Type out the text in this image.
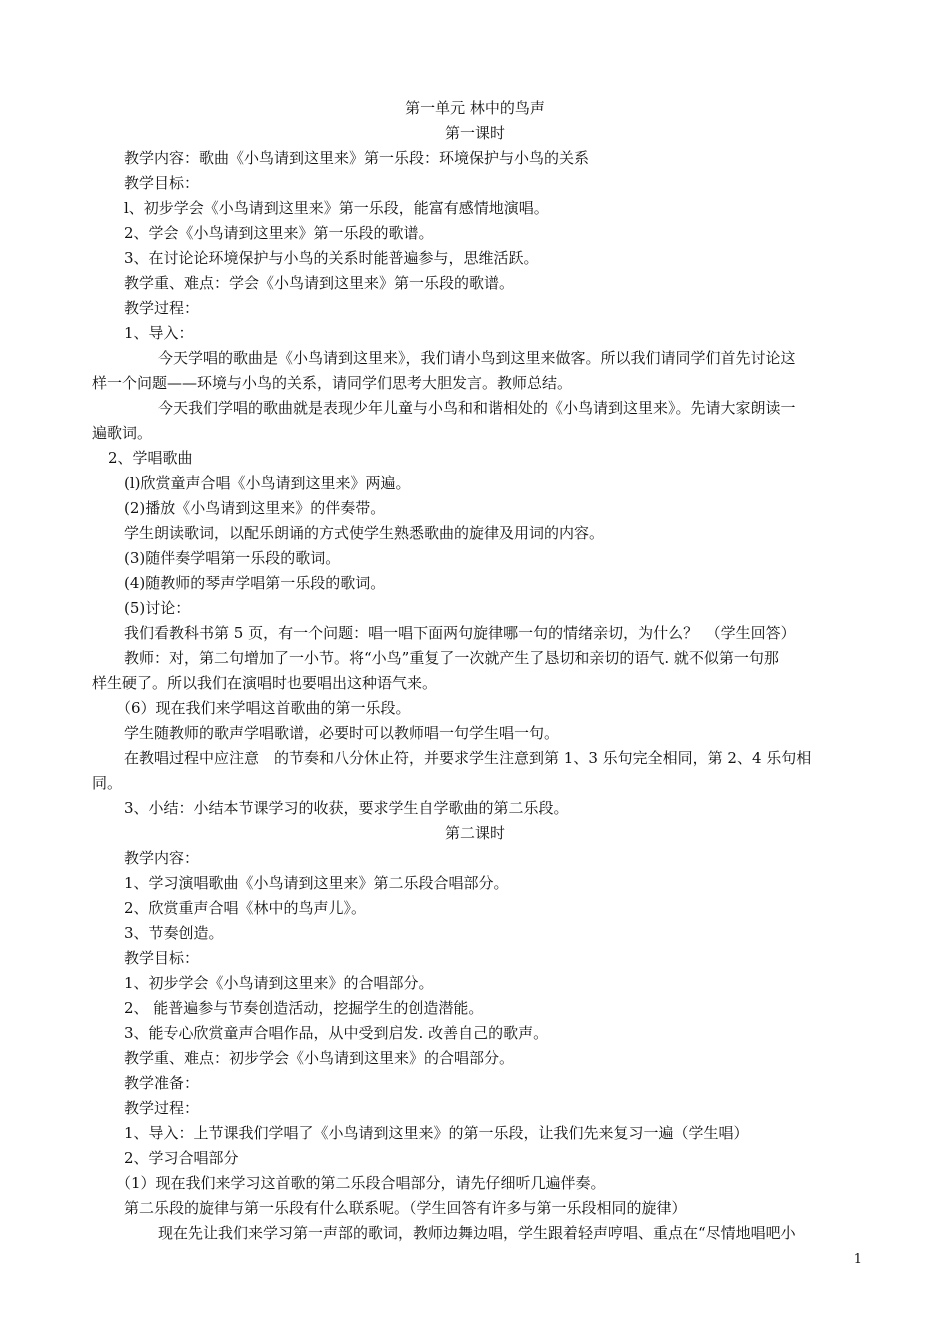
第一单元 林中的鸟声

第一课时

教学内容：歌曲《小鸟请到这里来》第一乐段：环境保护与小鸟的关系

教学目标：

l、初步学会《小鸟请到这里来》第一乐段，能富有感情地演唱。

2、学会《小鸟请到这里来》第一乐段的歌谱。

3、在讨论论环境保护与小鸟的关系时能普遍参与，思维活跃。

教学重、难点：学会《小鸟请到这里来》第一乐段的歌谱。

教学过程：

1、导入：

今天学唱的歌曲是《小鸟请到这里来》，我们请小鸟到这里来做客。所以我们请同学们首先讨论这

样一个问题——环境与小鸟的关系，请同学们思考大胆发言。教师总结。

今天我们学唱的歌曲就是表现少年儿童与小鸟和和谐相处的《小鸟请到这里来》。先请大家朗读一

遍歌词。

2、学唱歌曲

(l)欣赏童声合唱《小鸟请到这里来》两遍。

(2)播放《小鸟请到这里来》的伴奏带。

学生朗读歌词，以配乐朗诵的方式使学生熟悉歌曲的旋律及用词的内容。

(3)随伴奏学唱第一乐段的歌词。

(4)随教师的琴声学唱第一乐段的歌词。

(5)讨论：

我们看教科书第 5 页，有一个问题：唱一唱下面两句旋律哪一句的情绪亲切，为什么？　（学生回答）

教师：对，第二句增加了一小节。将“小鸟”重复了一次就产生了恳切和亲切的语气. 就不似第一句那

样生硬了。所以我们在演唱时也要唱出这种语气来。

（6）现在我们来学唱这首歌曲的第一乐段。

学生随教师的歌声学唱歌谱，必要时可以教师唱一句学生唱一句。

在教唱过程中应注意　的节奏和八分休止符，并要求学生注意到第 1、3 乐句完全相同，第 2、4 乐句相

同。

3、小结：小结本节课学习的收获，要求学生自学歌曲的第二乐段。

第二课时

教学内容：

1、学习演唱歌曲《小鸟请到这里来》第二乐段合唱部分。

2、欣赏重声合唱《林中的鸟声儿》。

3、节奏创造。

教学目标：

1、初步学会《小鸟请到这里来》的合唱部分。

2、 能普遍参与节奏创造活动，挖掘学生的创造潜能。

3、能专心欣赏童声合唱作品，从中受到启发. 改善自己的歌声。

教学重、难点：初步学会《小鸟请到这里来》的合唱部分。

教学准备：

教学过程：

1、导入：上节课我们学唱了《小鸟请到这里来》的第一乐段，让我们先来复习一遍（学生唱）

2、学习合唱部分

（1）现在我们来学习这首歌的第二乐段合唱部分，请先仔细听几遍伴奏。

第二乐段的旋律与第一乐段有什么联系呢。（学生回答有许多与第一乐段相同的旋律）

现在先让我们来学习第一声部的歌词，教师边舞边唱，学生跟着轻声哼唱、重点在“尽情地唱吧小

1
